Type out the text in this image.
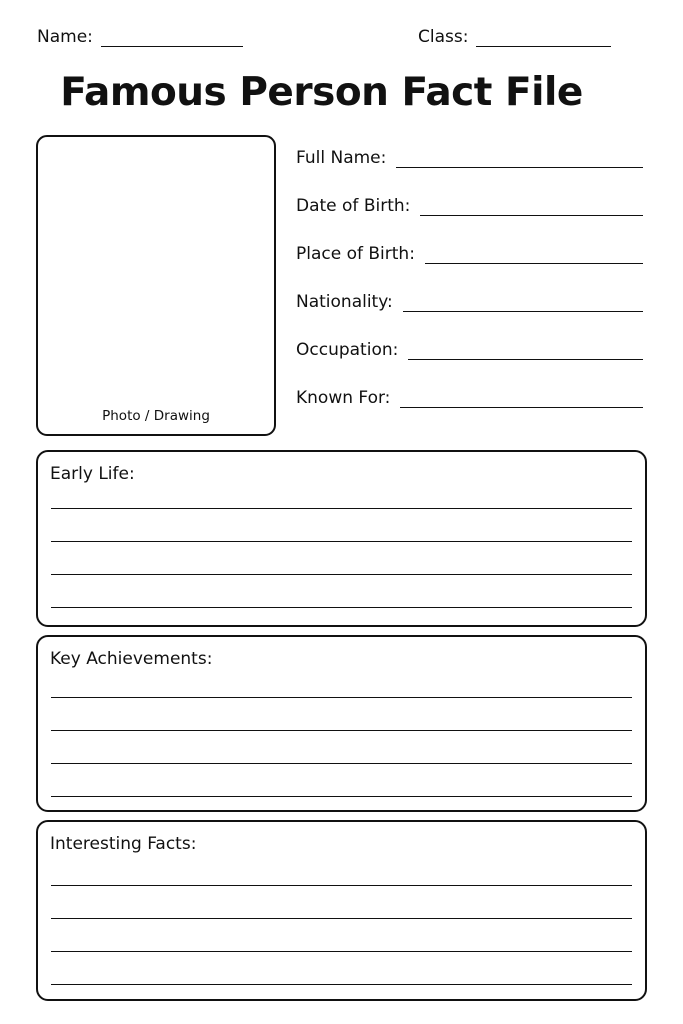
Name:	Class:
Famous Person Fact File
Photo / Drawing
Full Name:
Date of Birth:
Place of Birth:
Nationality:
Occupation:
Known For:
Early Life:
Key Achievements:
Interesting Facts:
